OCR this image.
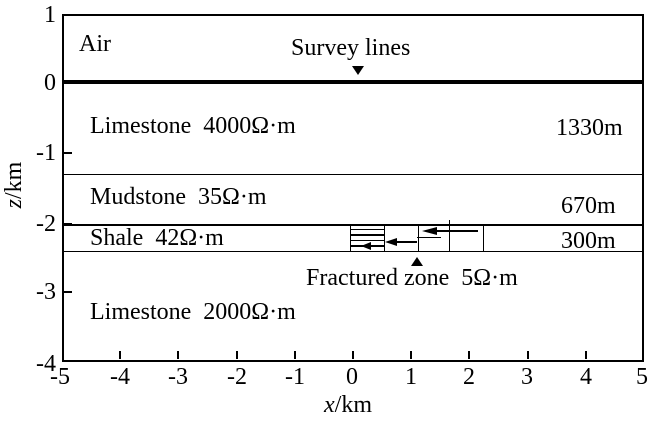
Air	Survey lines
Limestone  4000Ω·m	1330m
Mudstone  35Ω·m	670m
Shale  42Ω·m	300m
Limestone  2000Ω·m
Fractured zone  5Ω·m
1
0
-1
-2
-3
-4
-5	-4	-3	-2	-1	0	1	2	3	4	5
z/km
x/km
